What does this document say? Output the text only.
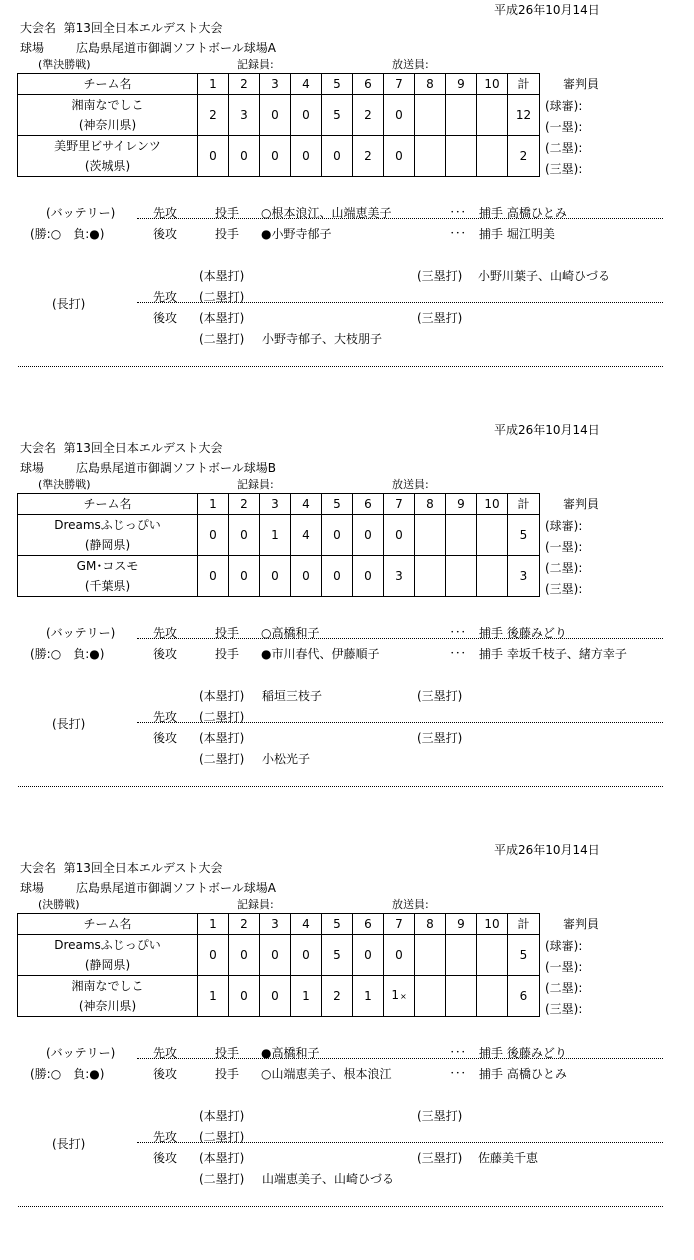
平成26年10月14日
大会名 第13回全日本エルデスト大会
球場	広島県尾道市御調ソフトボール球場A
(準決勝戦)	記録員:	放送員:
チーム名	1	2	3	4	5	6	7	8	9	10	計

湘南なでしこ
(神奈川県)	2	3	0	0	5	2	0				12

美野里ビサイレンツ
(茨城県)	0	0	0	0	0	2	0				2
審判員
(球審):
(一塁):
(二塁):
(三塁):
(バッテリー)
(勝:○　負:●)
先攻	投手 ○根本浪江、山端恵美子	･･･ 捕手 高橋ひとみ
後攻	投手 ●小野寺郁子	･･･ 捕手 堀江明美
(長打)
(本塁打)	(三塁打) 小野川葉子、山崎ひづる
先攻 (二塁打)
後攻 (本塁打)	(三塁打)
(二塁打) 小野寺郁子、大枝朋子
平成26年10月14日
大会名 第13回全日本エルデスト大会
球場	広島県尾道市御調ソフトボール球場B
(準決勝戦)	記録員:	放送員:
チーム名	1	2	3	4	5	6	7	8	9	10	計

Dreamsふじっぴい
(静岡県)	0	0	1	4	0	0	0				5

GM･コスモ
(千葉県)	0	0	0	0	0	0	3				3
審判員
(球審):
(一塁):
(二塁):
(三塁):
(バッテリー)
(勝:○　負:●)
先攻	投手 ○高橋和子	･･･ 捕手 後藤みどり
後攻	投手 ●市川春代、伊藤順子	･･･ 捕手 幸坂千枝子、緒方幸子
(長打)
(本塁打) 稲垣三枝子	(三塁打)
先攻 (二塁打)
後攻 (本塁打)	(三塁打)
(二塁打) 小松光子
平成26年10月14日
大会名 第13回全日本エルデスト大会
球場	広島県尾道市御調ソフトボール球場A
(決勝戦)	記録員:	放送員:
チーム名	1	2	3	4	5	6	7	8	9	10	計

Dreamsふじっぴい
(静岡県)	0	0	0	0	5	0	0				5

湘南なでしこ
(神奈川県)	1	0	0	1	2	1	1×				6
審判員
(球審):
(一塁):
(二塁):
(三塁):
(バッテリー)
(勝:○　負:●)
先攻	投手 ●高橋和子	･･･ 捕手 後藤みどり
後攻	投手 ○山端恵美子、根本浪江	･･･ 捕手 高橋ひとみ
(長打)
(本塁打)	(三塁打)
先攻 (二塁打)
後攻 (本塁打)	(三塁打) 佐藤美千恵
(二塁打) 山端恵美子、山崎ひづる
